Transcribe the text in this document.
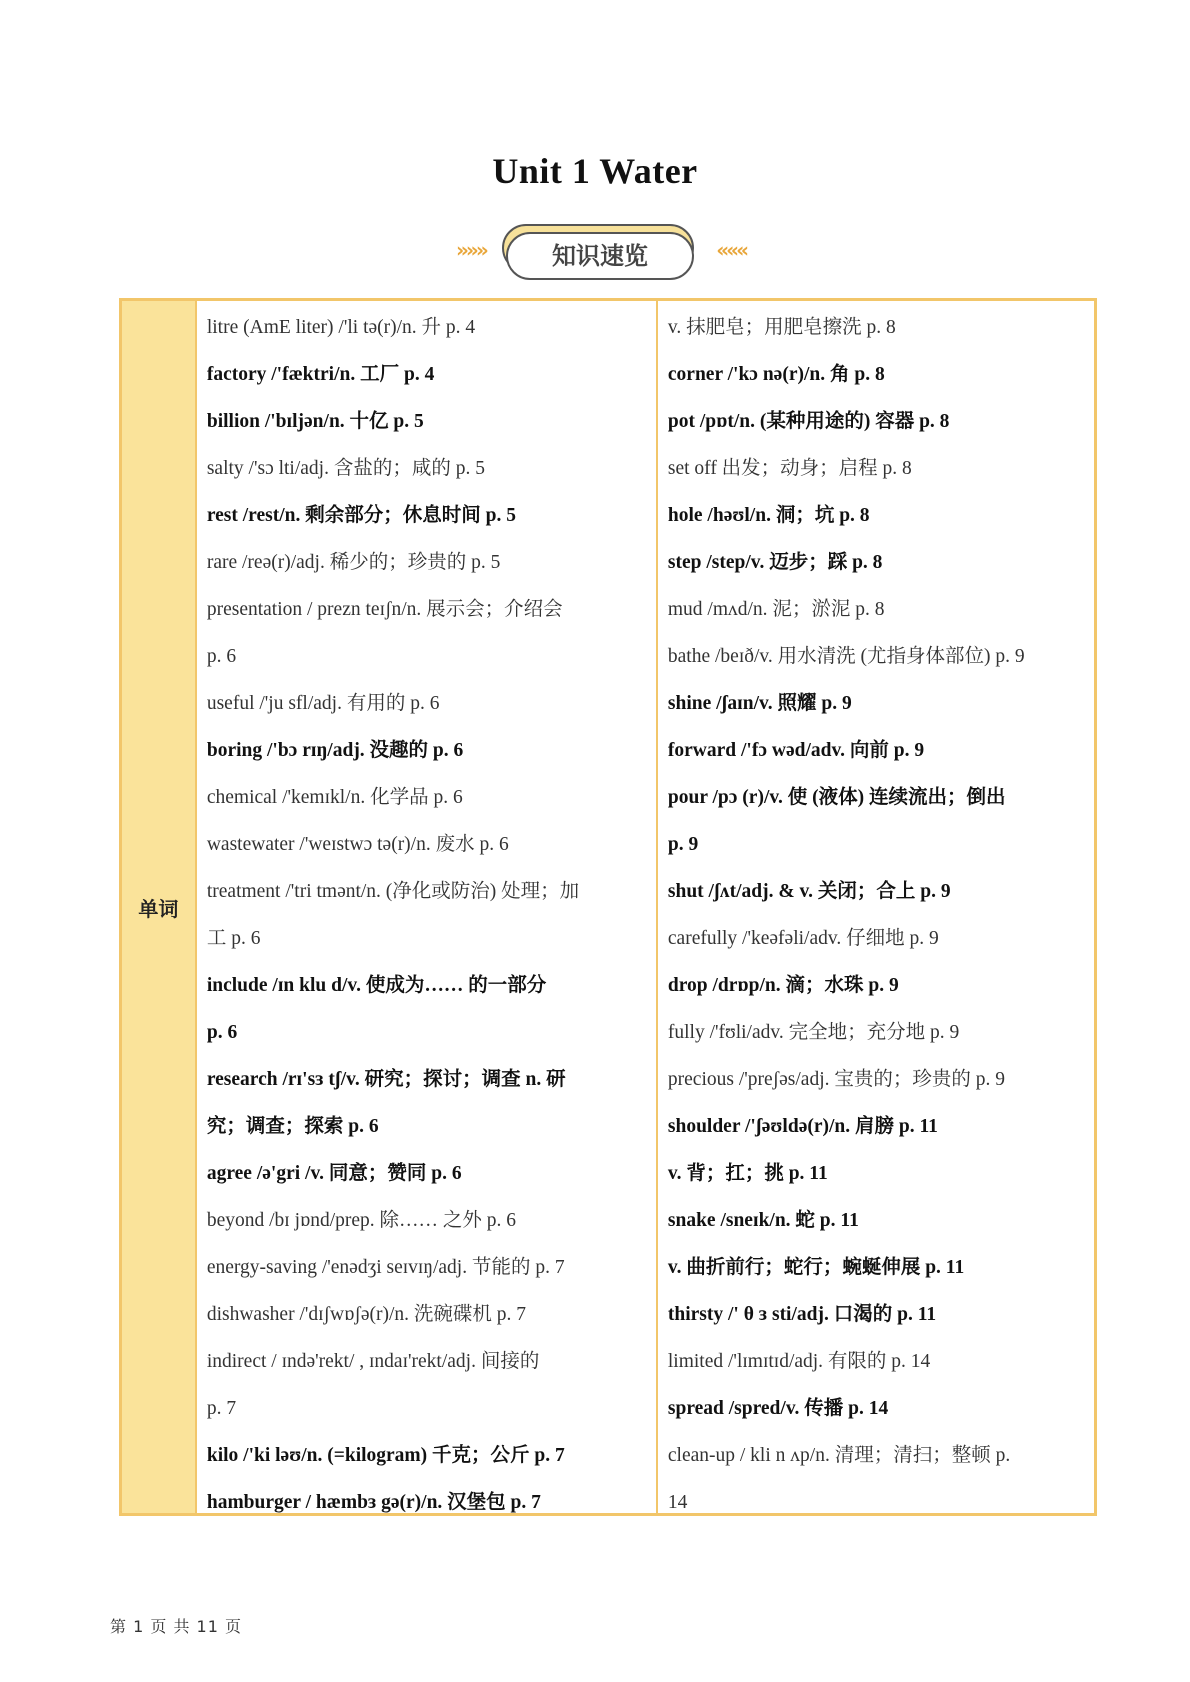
Unit 1 Water
»»»	知识速览	«««
单词
litre (AmE liter) /'li tə(r)/n. 升 p. 4
factory /'fæktri/n. 工厂 p. 4
billion /'bɪljən/n. 十亿 p. 5
salty /'sɔ lti/adj. 含盐的；咸的 p. 5
rest /rest/n. 剩余部分；休息时间 p. 5
rare /reə(r)/adj. 稀少的；珍贵的 p. 5
presentation / prezn teɪʃn/n. 展示会；介绍会
p. 6
useful /'ju sfl/adj. 有用的 p. 6
boring /'bɔ rɪŋ/adj. 没趣的 p. 6
chemical /'kemɪkl/n. 化学品 p. 6
wastewater /'weɪstwɔ tə(r)/n. 废水 p. 6
treatment /'tri tmənt/n. (净化或防治) 处理；加
工 p. 6
include /ɪn klu d/v. 使成为…… 的一部分
p. 6
research /rɪ'sɜ tʃ/v. 研究；探讨；调查 n. 研
究；调查；探索 p. 6
agree /ə'gri /v. 同意；赞同 p. 6
beyond /bɪ jɒnd/prep. 除…… 之外 p. 6
energy-saving /'enədʒi seɪvɪŋ/adj. 节能的 p. 7
dishwasher /'dɪʃwɒʃə(r)/n. 洗碗碟机 p. 7
indirect / ɪndə'rekt/ , ɪndaɪ'rekt/adj. 间接的
p. 7
kilo /'ki ləʊ/n. (=kilogram) 千克；公斤 p. 7
hamburger / hæmbɜ gə(r)/n. 汉堡包 p. 7
v. 抹肥皂；用肥皂擦洗 p. 8
corner /'kɔ nə(r)/n. 角 p. 8
pot /pɒt/n. (某种用途的) 容器 p. 8
set off 出发；动身；启程 p. 8
hole /həʊl/n. 洞；坑 p. 8
step /step/v. 迈步；踩 p. 8
mud /mʌd/n. 泥；淤泥 p. 8
bathe /beɪð/v. 用水清洗 (尤指身体部位) p. 9
shine /ʃaɪn/v. 照耀 p. 9
forward /'fɔ wəd/adv. 向前 p. 9
pour /pɔ (r)/v. 使 (液体) 连续流出；倒出
p. 9
shut /ʃʌt/adj. & v. 关闭；合上 p. 9
carefully /'keəfəli/adv. 仔细地 p. 9
drop /drɒp/n. 滴；水珠 p. 9
fully /'fʊli/adv. 完全地；充分地 p. 9
precious /'preʃəs/adj. 宝贵的；珍贵的 p. 9
shoulder /'ʃəʊldə(r)/n. 肩膀 p. 11
v. 背；扛；挑 p. 11
snake /sneɪk/n. 蛇 p. 11
v. 曲折前行；蛇行；蜿蜒伸展 p. 11
thirsty /' θ ɜ sti/adj. 口渴的 p. 11
limited /'lɪmɪtɪd/adj. 有限的 p. 14
spread /spred/v. 传播 p. 14
clean-up / kli n ʌp/n. 清理；清扫；整顿 p.
14
第 1 页 共 11 页
